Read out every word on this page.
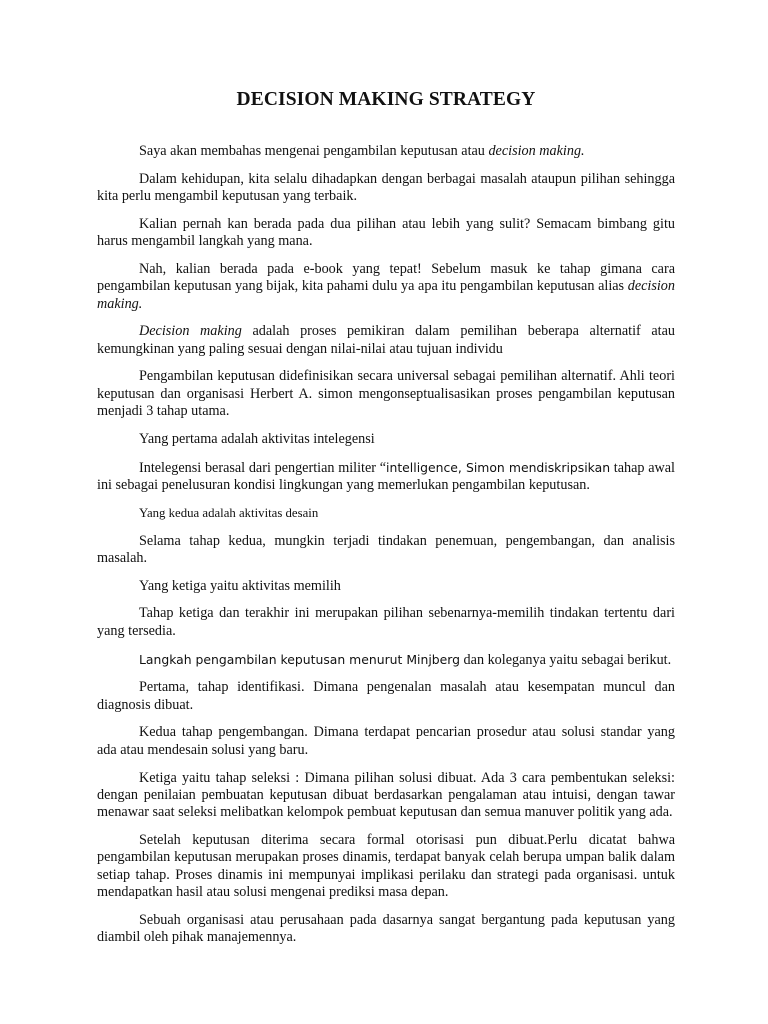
DECISION MAKING STRATEGY

Saya akan membahas mengenai pengambilan keputusan atau decision making.

Dalam kehidupan, kita selalu dihadapkan dengan berbagai masalah ataupun pilihan sehingga kita perlu mengambil keputusan yang terbaik.

Kalian pernah kan berada pada dua pilihan atau lebih yang sulit? Semacam bimbang gitu harus mengambil langkah yang mana.

Nah, kalian berada pada e-book yang tepat! Sebelum masuk ke tahap gimana cara pengambilan keputusan yang bijak, kita pahami dulu ya apa itu pengambilan keputusan alias decision making.

Decision making adalah proses pemikiran dalam pemilihan beberapa alternatif atau kemungkinan yang paling sesuai dengan nilai-nilai atau tujuan individu

Pengambilan keputusan didefinisikan secara universal sebagai pemilihan alternatif. Ahli teori keputusan dan organisasi Herbert A. simon mengonseptualisasikan proses pengambilan keputusan menjadi 3 tahap utama.

Yang pertama adalah aktivitas intelegensi

Intelegensi berasal dari pengertian militer “intelligence, Simon mendiskripsikan tahap awal ini sebagai penelusuran kondisi lingkungan yang memerlukan pengambilan keputusan.

Yang kedua adalah aktivitas desain

Selama tahap kedua, mungkin terjadi tindakan penemuan, pengembangan, dan analisis masalah.

Yang ketiga yaitu aktivitas memilih

Tahap ketiga dan terakhir ini merupakan pilihan sebenarnya-memilih tindakan tertentu dari yang tersedia.

Langkah pengambilan keputusan menurut Minjberg dan koleganya yaitu sebagai berikut.

Pertama, tahap identifikasi. Dimana pengenalan masalah atau kesempatan muncul dan diagnosis dibuat.

Kedua tahap pengembangan. Dimana terdapat pencarian prosedur atau solusi standar yang ada atau mendesain solusi yang baru.

Ketiga yaitu tahap seleksi : Dimana pilihan solusi dibuat. Ada 3 cara pembentukan seleksi: dengan penilaian pembuatan keputusan dibuat berdasarkan pengalaman atau intuisi, dengan tawar menawar saat seleksi melibatkan kelompok pembuat keputusan dan semua manuver politik yang ada.

Setelah keputusan diterima secara formal otorisasi pun dibuat.Perlu dicatat bahwa pengambilan keputusan merupakan proses dinamis, terdapat banyak celah berupa umpan balik dalam setiap tahap. Proses dinamis ini mempunyai implikasi perilaku dan strategi pada organisasi. untuk mendapatkan hasil atau solusi mengenai prediksi masa depan.

Sebuah organisasi atau perusahaan pada dasarnya sangat bergantung pada keputusan yang diambil oleh pihak manajemennya.
